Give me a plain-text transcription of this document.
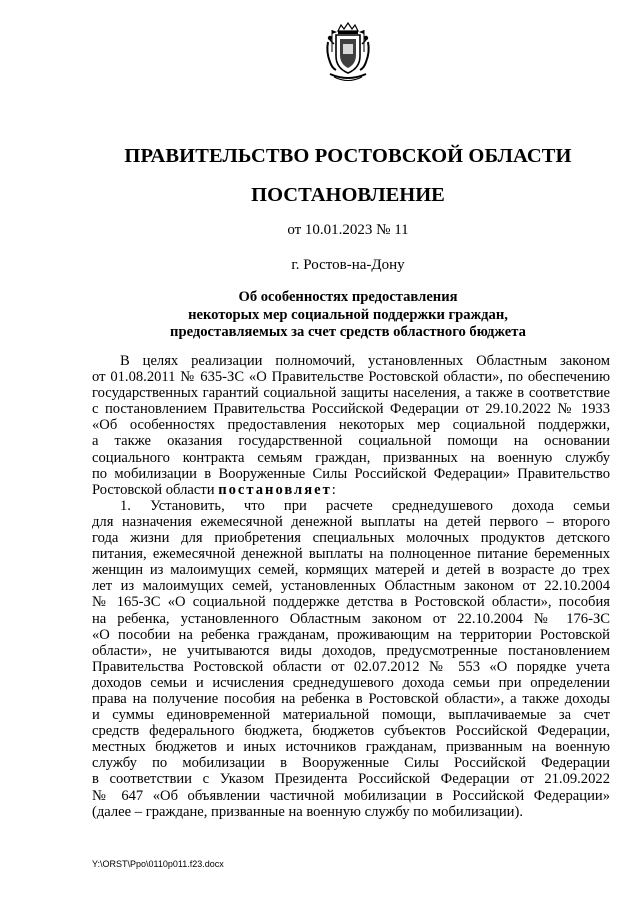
ПРАВИТЕЛЬСТВО РОСТОВСКОЙ ОБЛАСТИ
ПОСТАНОВЛЕНИЕ
от 10.01.2023 № 11
г. Ростов-на-Дону
Об особенностях предоставления
некоторых мер социальной поддержки граждан,
предоставляемых за счет средств областного бюджета
В целях реализации полномочий, установленных Областным законом
от 01.08.2011 № 635-ЗС «О Правительстве Ростовской области», по обеспечению
государственных гарантий социальной защиты населения, а также в соответствие
с постановлением Правительства Российской Федерации от 29.10.2022 № 1933
«Об особенностях предоставления некоторых мер социальной поддержки,
а также оказания государственной социальной помощи на основании
социального контракта семьям граждан, призванных на военную службу
по мобилизации в Вооруженные Силы Российской Федерации» Правительство
Ростовской области постановляет:
1. Установить, что при расчете среднедушевого дохода семьи
для назначения ежемесячной денежной выплаты на детей первого – второго
года жизни для приобретения специальных молочных продуктов детского
питания, ежемесячной денежной выплаты на полноценное питание беременных
женщин из малоимущих семей, кормящих матерей и детей в возрасте до трех
лет из малоимущих семей, установленных Областным законом от 22.10.2004
№ 165-ЗС «О социальной поддержке детства в Ростовской области», пособия
на ребенка, установленного Областным законом от 22.10.2004 № 176-ЗС
«О пособии на ребенка гражданам, проживающим на территории Ростовской
области», не учитываются виды доходов, предусмотренные постановлением
Правительства Ростовской области от 02.07.2012 № 553 «О порядке учета
доходов семьи и исчисления среднедушевого дохода семьи при определении
права на получение пособия на ребенка в Ростовской области», а также доходы
и суммы единовременной материальной помощи, выплачиваемые за счет
средств федерального бюджета, бюджетов субъектов Российской Федерации,
местных бюджетов и иных источников гражданам, призванным на военную
службу по мобилизации в Вооруженные Силы Российской Федерации
в соответствии с Указом Президента Российской Федерации от 21.09.2022
№ 647 «Об объявлении частичной мобилизации в Российской Федерации»
(далее – граждане, призванные на военную службу по мобилизации).
Y:\ORST\Ppo\0110p011.f23.docx
